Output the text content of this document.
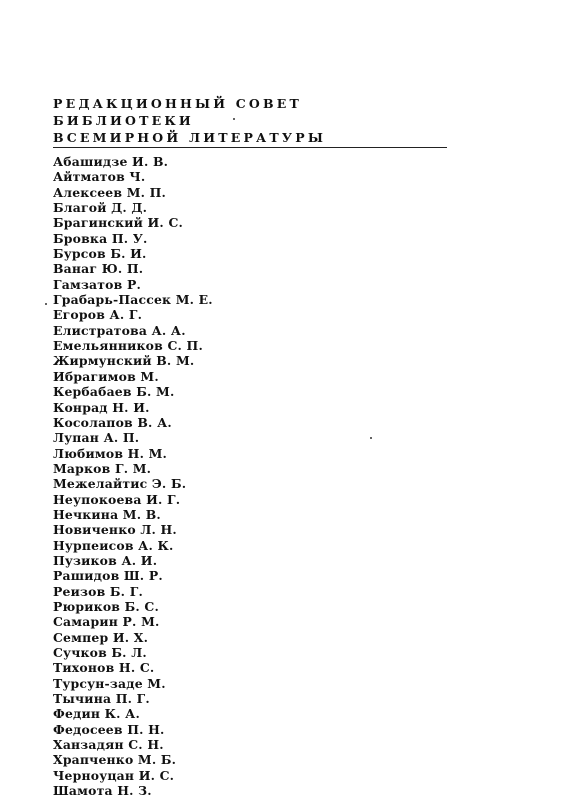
РЕДАКЦИОННЫЙ СОВЕТ
БИБЛИОТЕКИ
ВСЕМИРНОЙ ЛИТЕРАТУРЫ
Абашидзе И. В.
Айтматов Ч.
Алексеев М. П.
Благой Д. Д.
Брагинский И. С.
Бровка П. У.
Бурсов Б. И.
Ванаг Ю. П.
Гамзатов Р.
Грабарь-Пассек М. Е.
Егоров А. Г.
Елистратова А. А.
Емельянников С. П.
Жирмунский В. М.
Ибрагимов М.
Кербабаев Б. М.
Конрад Н. И.
Косолапов В. А.
Лупан А. П.
Любимов Н. М.
Марков Г. М.
Межелайтис Э. Б.
Неупокоева И. Г.
Нечкина М. В.
Новиченко Л. Н.
Нурпеисов А. К.
Пузиков А. И.
Рашидов Ш. Р.
Реизов Б. Г.
Рюриков Б. С.
Самарин Р. М.
Семпер И. Х.
Сучков Б. Л.
Тихонов Н. С.
Турсун-заде М.
Тычина П. Г.
Федин К. А.
Федосеев П. Н.
Ханзадян С. Н.
Храпченко М. Б.
Черноуцан И. С.
Шамота Н. З.
